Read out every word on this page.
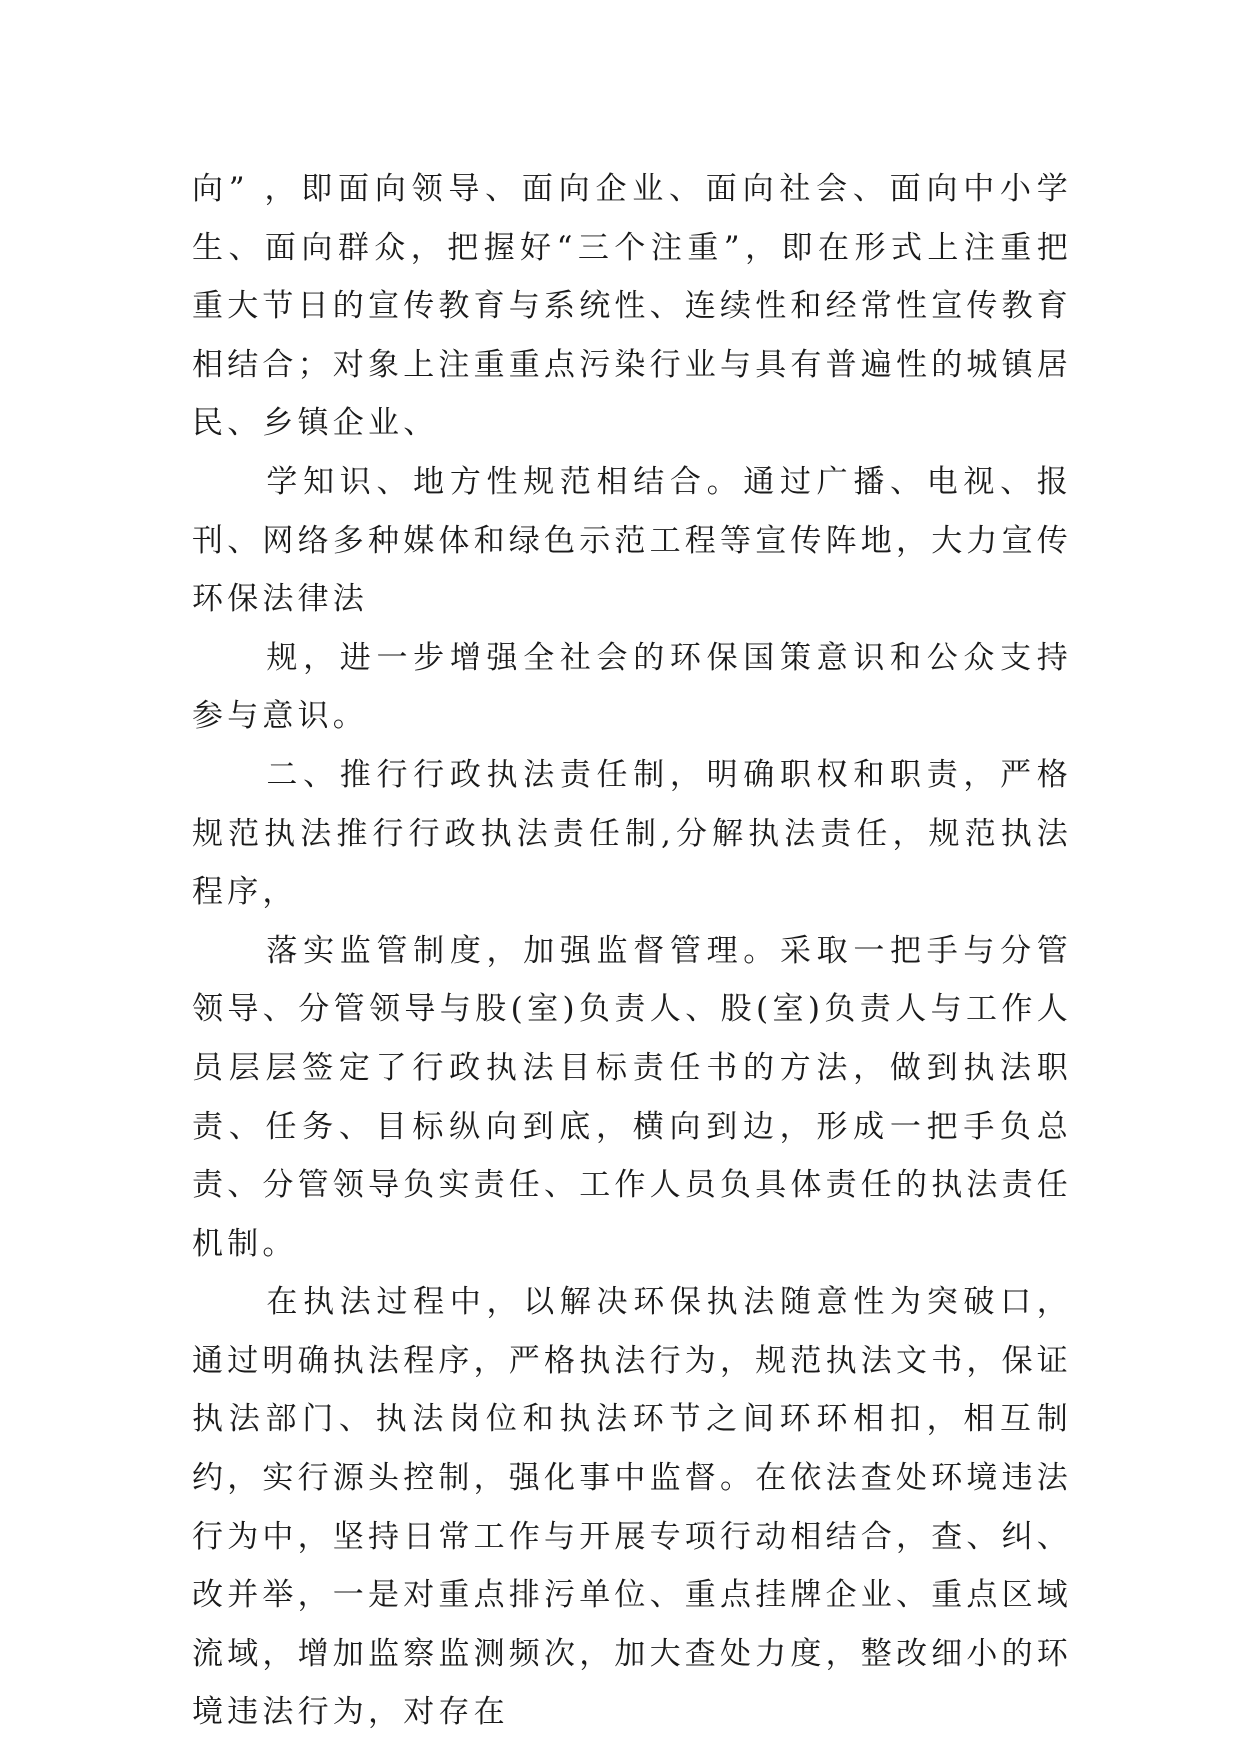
向” ，即面向领导、面向企业、面向社会、面向中小学生、面向群众，把握好“三个注重”，即在形式上注重把重大节日的宣传教育与系统性、连续性和经常性宣传教育相结合；对象上注重重点污染行业与具有普遍性的城镇居民、乡镇企业、

学知识、地方性规范相结合。通过广播、电视、报刊、网络多种媒体和绿色示范工程等宣传阵地，大力宣传环保法律法

规，进一步增强全社会的环保国策意识和公众支持参与意识。

二、推行行政执法责任制，明确职权和职责，严格规范执法推行行政执法责任制,分解执法责任，规范执法程序，

落实监管制度，加强监督管理。采取一把手与分管领导、分管领导与股(室)负责人、股(室)负责人与工作人员层层签定了行政执法目标责任书的方法，做到执法职责、任务、目标纵向到底，横向到边，形成一把手负总责、分管领导负实责任、工作人员负具体责任的执法责任机制。

在执法过程中，以解决环保执法随意性为突破口，通过明确执法程序，严格执法行为，规范执法文书，保证执法部门、执法岗位和执法环节之间环环相扣，相互制约，实行源头控制，强化事中监督。在依法查处环境违法行为中，坚持日常工作与开展专项行动相结合，查、纠、改并举，一是对重点排污单位、重点挂牌企业、重点区域流域，增加监察监测频次，加大查处力度，整改细小的环境违法行为，对存在
